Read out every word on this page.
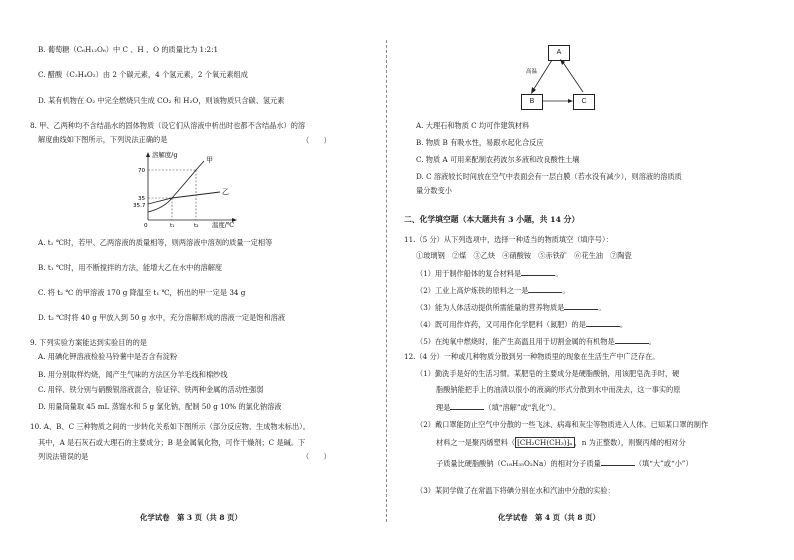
B. 葡萄糖（C₆H₁₂O₆）中 C 、H 、O 的质量比为 1:2:1
C. 醋酸（C₂H₄O₂）由 2 个碳元素，4 个氢元素，2 个氧元素组成
D. 某有机物在 O₂ 中完全燃烧只生成 CO₂ 和 H₂O，则该物质只含碳、氢元素
8. 甲、乙两种均不含结晶水的固体物质（设它们从溶液中析出时也都不含结晶水）的溶
解度曲线如下图所示，下列说法正确的是	（　　）
溶解度/g
温度/℃
70
35
35.7
0	t₁	t₂
甲
乙
A. t₁ ℃时，若甲、乙两溶液的质量相等，则两溶液中溶剂的质量一定相等
B. t₁ ℃时，用不断搅拌的方法，能增大乙在水中的溶解度
C. 将 t₂ ℃ 的甲溶液 170 g 降温至 t₁ ℃，析出的甲一定是 34 g
D. t₂ ℃时将 40 g 甲放入到 50 g 水中，充分溶解形成的溶液一定是饱和溶液
9. 下列实验方案能达到实验目的的是
A. 用碘化钾溶液检验马铃薯中是否含有淀粉
B. 用分别取样灼烧，闻产生气味的方法区分羊毛线和棉纱线
C. 用锌、铁分别与硝酸银溶液混合，验证锌、铁两种金属的活动性强弱
D. 用量筒量取 45 mL 蒸馏水和 5 g 氯化钠，配制 50 g 10% 的氯化钠溶液
10. A、B、C 三种物质之间的一步转化关系如下图所示（部分反应物、生成物未标出）。
其中，A 是石灰石或大理石的主要成分；B 是金属氧化物，可作干燥剂；C 是碱。下
列说法错误的是	（　　）
化学试卷　第 3 页（共 8 页）
A
B	C
高温
A. 大理石和物质 C 均可作建筑材料
B. 物质 B 有吸水性，易跟水起化合反应
C. 物质 A 可用来配制农药波尔多液和改良酸性土壤
D. C 溶液较长时间放在空气中表面会有一层白膜（若水没有减少），则溶液的溶质质
量分数变小
二、化学填空题（本大题共有 3 小题，共 14 分）
11.（5 分）从下列选项中，选择一种适当的物质填空（填序号）：
①玻璃钢　②煤　③乙炔　④硝酸铵　⑤赤铁矿　⑥花生油　⑦陶瓷
（1）用于制作船体的复合材料是	。
（2）工业上高炉炼铁的原料之一是	。
（3）能为人体活动提供所需能量的营养物质是	。
（4）既可用作炸药，又可用作化学肥料（氮肥）的是	。
（5）在纯氧中燃烧时，能产生高温且用于切割金属的有机物是	。
12.（4 分）一种或几种物质分散到另一种物质里的现象在生活生产中广泛存在。
（1）勤洗手是好的生活习惯。某肥皂的主要成分是硬脂酸钠，用该肥皂洗手时，硬
脂酸钠能把手上的油渍以很小的液滴的形式分散到水中而洗去，这一事实的原
理是	（填“溶解”或“乳化”）。
（2）戴口罩能防止空气中分散的一些飞沫、病毒和灰尘等物质进入人体。已知某口罩的制作
材料之一是聚丙烯塑料（ ⁅CH₂CH(CH₃)⁆ₙ ，n 为正整数），则聚丙烯的相对分
子质量比硬脂酸钠（C₁₈H₃₅O₂Na）的相对分子质量	（填“大”或“小”）
（3）某同学做了在常温下将碘分别在水和汽油中分散的实验：
化学试卷　第 4 页（共 8 页）
